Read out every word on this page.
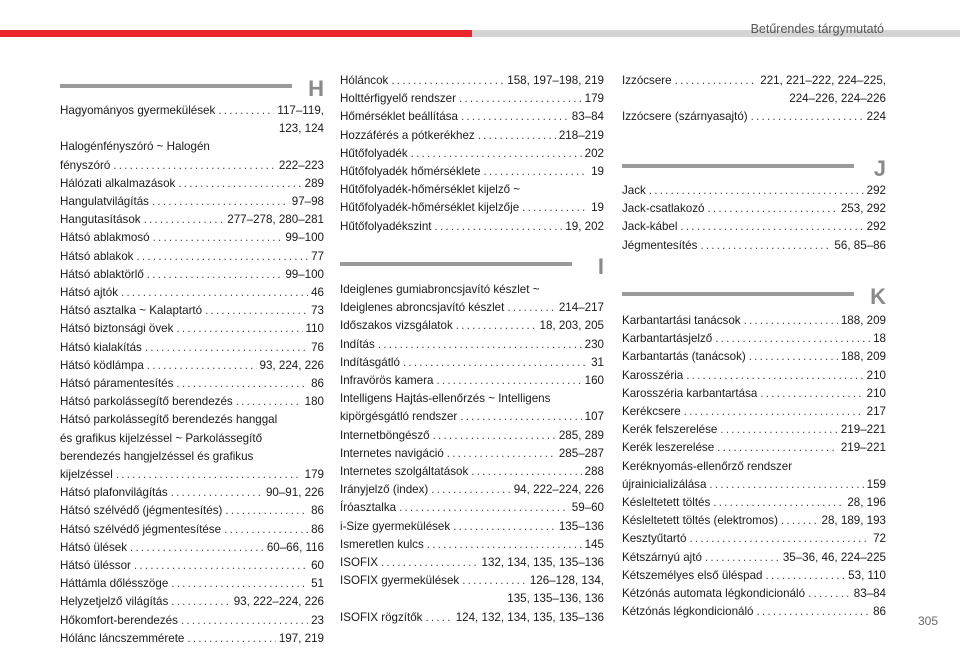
Betűrendes tárgymutató
H
Hagyományos gyermekülések . . .	117–119,
123, 124
Halogénfényszóró ~ Halogén
fényszóró . . .	222–223
Hálózati alkalmazások . . .	289
Hangulatvilágítás . . .	97–98
Hangutasítások . . .	277–278, 280–281
Hátsó ablakmosó . . .	99–100
Hátsó ablakok . . .	77
Hátsó ablaktörlő . . .	99–100
Hátsó ajtók . . .	46
Hátsó asztalka ~ Kalaptartó . . .	73
Hátsó biztonsági övek . . .	110
Hátsó kialakítás . . .	76
Hátsó ködlámpa . . .	93, 224, 226
Hátsó páramentesítés . . .	86
Hátsó parkolássegítő berendezés . . .	180
Hátsó parkolássegítő berendezés hanggal
és grafikus kijelzéssel ~ Parkolássegítő
berendezés hangjelzéssel és grafikus
kijelzéssel . . .	179
Hátsó plafonvilágítás . . .	90–91, 226
Hátsó szélvédő (jégmentesítés) . . .	86
Hátsó szélvédő jégmentesítése . . .	86
Hátsó ülések . . .	60–66, 116
Hátsó üléssor . . .	60
Háttámla dőlésszöge . . .	51
Helyzetjelző világítás . . .	93, 222–224, 226
Hőkomfort-berendezés . . .	23
Hólánc láncszemmérete . . .	197, 219
Hóláncok . . .	158, 197–198, 219
Holttérfigyelő rendszer . . .	179
Hőmérséklet beállítása . . .	83–84
Hozzáférés a pótkerékhez . . .	218–219
Hűtőfolyadék . . .	202
Hűtőfolyadék hőmérséklete . . .	19
Hűtőfolyadék-hőmérséklet kijelző ~
Hűtőfolyadék-hőmérséklet kijelzője . . .	19
Hűtőfolyadékszint . . .	19, 202
I
Ideiglenes gumiabroncsjavító készlet ~
Ideiglenes abroncsjavító készlet . . .	214–217
Időszakos vizsgálatok . . .	18, 203, 205
Indítás . . .	230
Indításgátló . . .	31
Infravörös kamera . . .	160
Intelligens Hajtás-ellenőrzés ~ Intelligens
kipörgésgátló rendszer . . .	107
Internetböngésző . . .	285, 289
Internetes navigáció . . .	285–287
Internetes szolgáltatások . . .	288
Irányjelző (index) . . .	94, 222–224, 226
Íróasztalka . . .	59–60
i-Size gyermekülések . . .	135–136
Ismeretlen kulcs . . .	145
ISOFIX . . .	132, 134, 135, 135–136
ISOFIX gyermekülések . . .	126–128, 134,
135, 135–136, 136
ISOFIX rögzítők . . .	124, 132, 134, 135, 135–136
Izzócsere . . .	221, 221–222, 224–225,
224–226, 224–226
Izzócsere (szárnyasajtó) . . .	224
J
Jack . . .	292
Jack-csatlakozó . . .	253, 292
Jack-kábel . . .	292
Jégmentesítés . . .	56, 85–86
K
Karbantartási tanácsok . . .	188, 209
Karbantartásjelző . . .	18
Karbantartás (tanácsok) . . .	188, 209
Karosszéria . . .	210
Karosszéria karbantartása . . .	210
Kerékcsere . . .	217
Kerék felszerelése . . .	219–221
Kerék leszerelése . . .	219–221
Keréknyomás-ellenőrző rendszer
újrainicializálása . . .	159
Késleltetett töltés . . .	28, 196
Késleltetett töltés (elektromos) . . .	28, 189, 193
Kesztyűtartó . . .	72
Kétszárnyú ajtó . . .	35–36, 46, 224–225
Kétszemélyes első üléspad . . .	53, 110
Kétzónás automata légkondicionáló . . .	83–84
Kétzónás légkondicionáló . . .	86
305
